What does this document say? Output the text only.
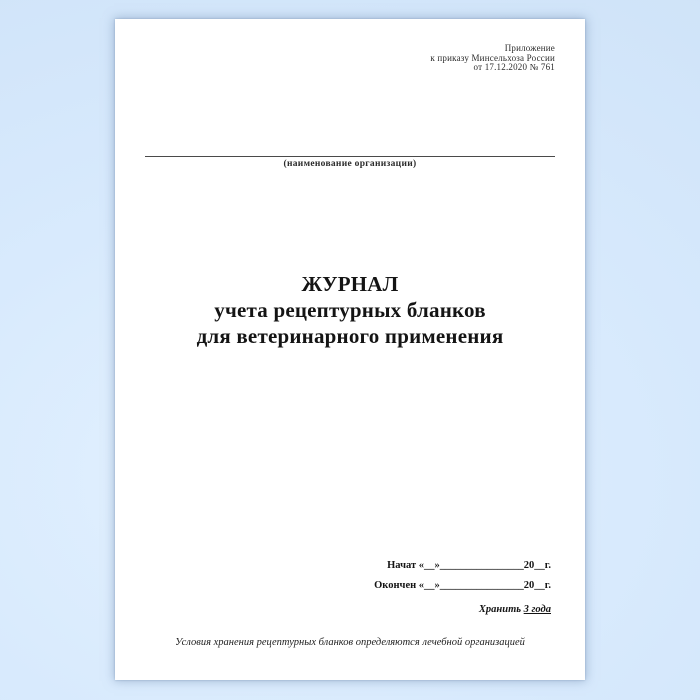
Приложение
к приказу Минсельхоза России
от 17.12.2020 № 761
(наименование организации)
ЖУРНАЛ
учета рецептурных бланков
для ветеринарного применения
Начат «__»________________20__г.
Окончен «__»________________20__г.
Хранить 3 года
Условия хранения рецептурных бланков определяются лечебной организацией
